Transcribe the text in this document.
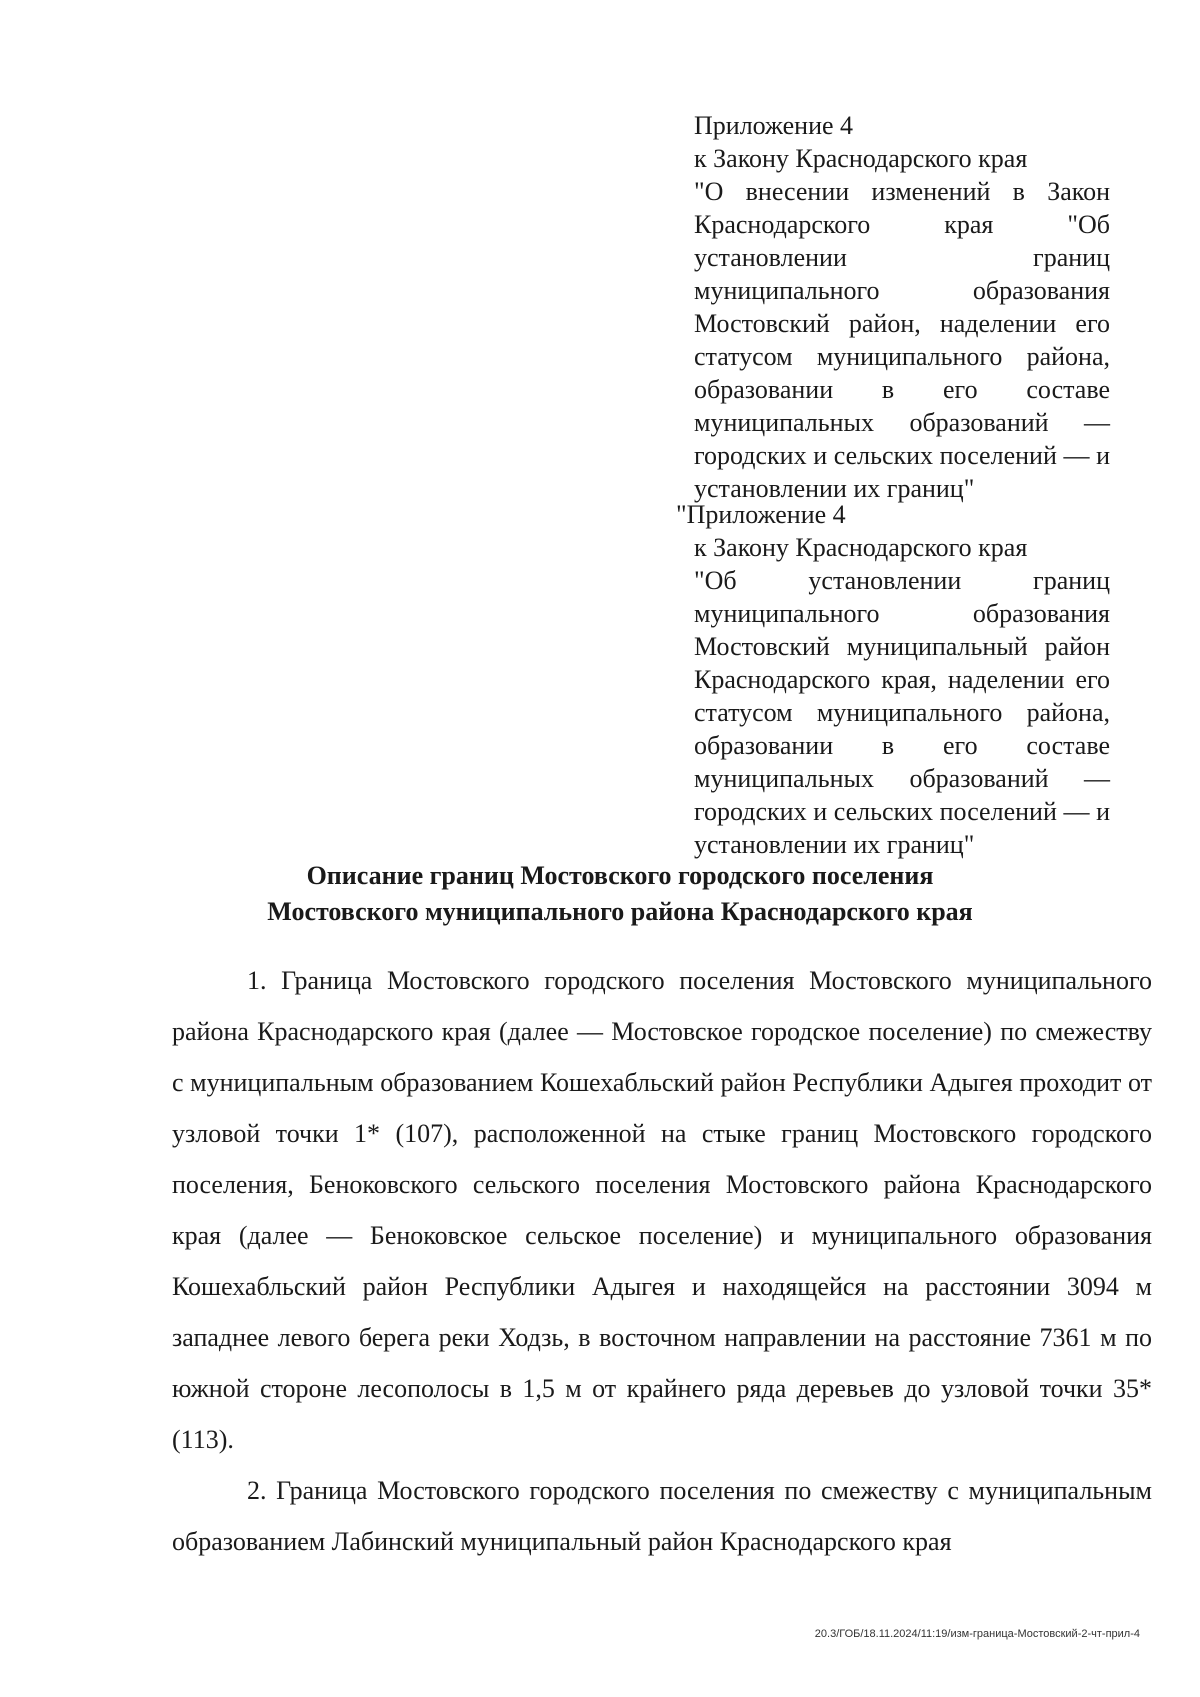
Приложение 4
к Закону Краснодарского края
"О внесении изменений в Закон Краснодарского края "Об установлении границ муниципального образования Мостовский район, наделении его статусом муниципального района, образовании в его составе муниципальных образований — городских и сельских поселений — и установлении их границ"
"Приложение 4
к Закону Краснодарского края
"Об установлении границ муниципального образования Мостовский муниципальный район Краснодарского края, наделении его статусом муниципального района, образовании в его составе муниципальных образований — городских и сельских поселений — и установлении их границ"
Описание границ Мостовского городского поселения
Мостовского муниципального района Краснодарского края

1. Граница Мостовского городского поселения Мостовского муниципального района Краснодарского края (далее — Мостовское городское поселение) по смежеству с муниципальным образованием Кошехабльский район Республики Адыгея проходит от узловой точки 1* (107), расположенной на стыке границ Мостовского городского поселения, Беноковского сельского поселения Мостовского района Краснодарского края (далее — Беноковское сельское поселение) и муниципального образования Кошехабльский район Республики Адыгея и находящейся на расстоянии 3094 м западнее левого берега реки Ходзь, в восточном направлении на расстояние 7361 м по южной стороне лесополосы в 1,5 м от крайнего ряда деревьев до узловой точки 35* (113).

2. Граница Мостовского городского поселения по смежеству с муниципальным образованием Лабинский муниципальный район Краснодарского края

20.3/ГОБ/18.11.2024/11:19/изм-граница-Мостовский-2-чт-прил-4
